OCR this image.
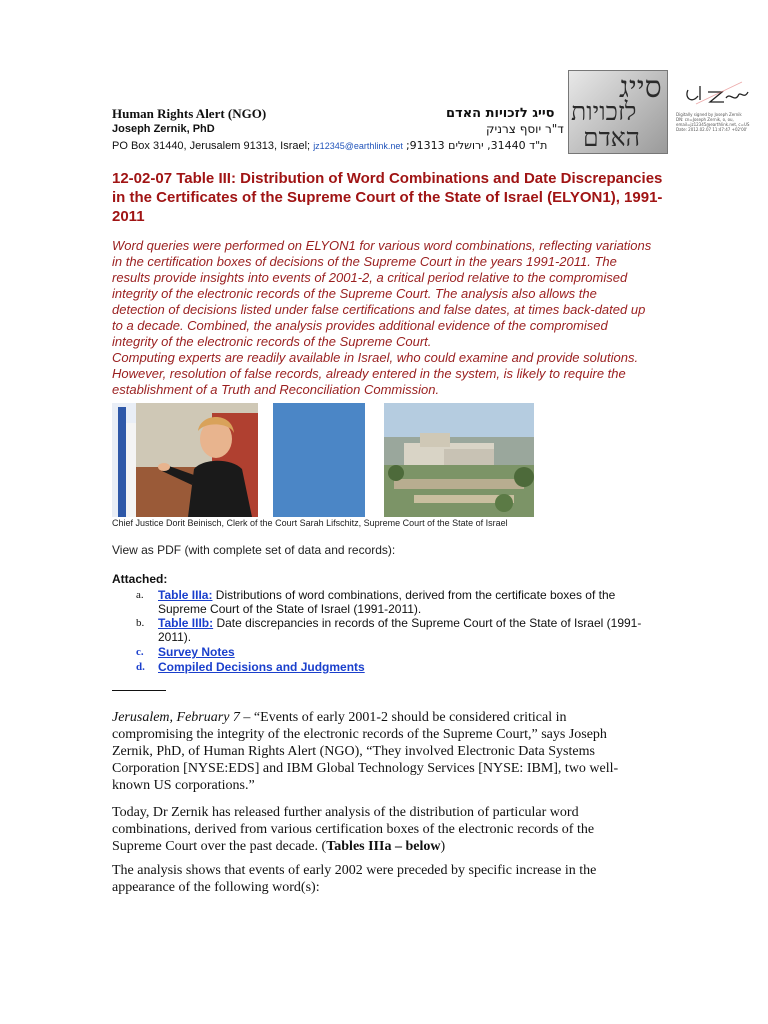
Human Rights Alert (NGO)	סייג לזכויות האדם
Joseph Zernik, PhD	ד"ר יוסף צרניק
PO Box 31440, Jerusalem 91313, Israel; jz12345@earthlink.net ;91313 ת"ד 31440, ירושלים
סייג
לזכויות
האדם
Digitally signed by Joseph Zernik
DN: cn=Joseph Zernik, o, ou,
email=jz12345@earthlink.net, c=US
Date: 2012.02.07 11:47:47 +02'00'
12-02-07 Table III: Distribution of Word Combinations and Date Discrepancies in the Certificates of the Supreme Court of the State of Israel (ELYON1), 1991-2011

Word queries were performed on ELYON1 for various word combinations, reflecting variations in the certification boxes of decisions of the Supreme Court in the years 1991-2011. The results provide insights into events of 2001-2, a critical period relative to the compromised integrity of the electronic records of the Supreme Court. The analysis also allows the detection of decisions listed under false certifications and false dates, at times back-dated up to a decade. Combined, the analysis provides additional evidence of the compromised integrity of the electronic records of the Supreme Court.

Computing experts are readily available in Israel, who could examine and provide solutions. However, resolution of false records, already entered in the system, is likely to require the establishment of a Truth and Reconciliation Commission.

Chief Justice Dorit Beinisch, Clerk of the Court Sarah Lifschitz, Supreme Court of the State of Israel
View as PDF (with complete set of data and records):
Attached:
a. Table IIIa: Distributions of word combinations, derived from the certificate boxes of the Supreme Court of the State of Israel (1991-2011).
b. Table IIIb: Date discrepancies in records of the Supreme Court of the State of Israel (1991-2011).
c. Survey Notes
d. Compiled Decisions and Judgments
Jerusalem, February 7 – “Events of early 2001-2 should be considered critical in compromising the integrity of the electronic records of the Supreme Court,” says Joseph Zernik, PhD, of Human Rights Alert (NGO), “They involved Electronic Data Systems Corporation [NYSE:EDS] and IBM Global Technology Services [NYSE: IBM], two well-known US corporations.”
Today, Dr Zernik has released further analysis of the distribution of particular word combinations, derived from various certification boxes of the electronic records of the Supreme Court over the past decade. (Tables IIIa – below)
The analysis shows that events of early 2002 were preceded by specific increase in the appearance of the following word(s):
